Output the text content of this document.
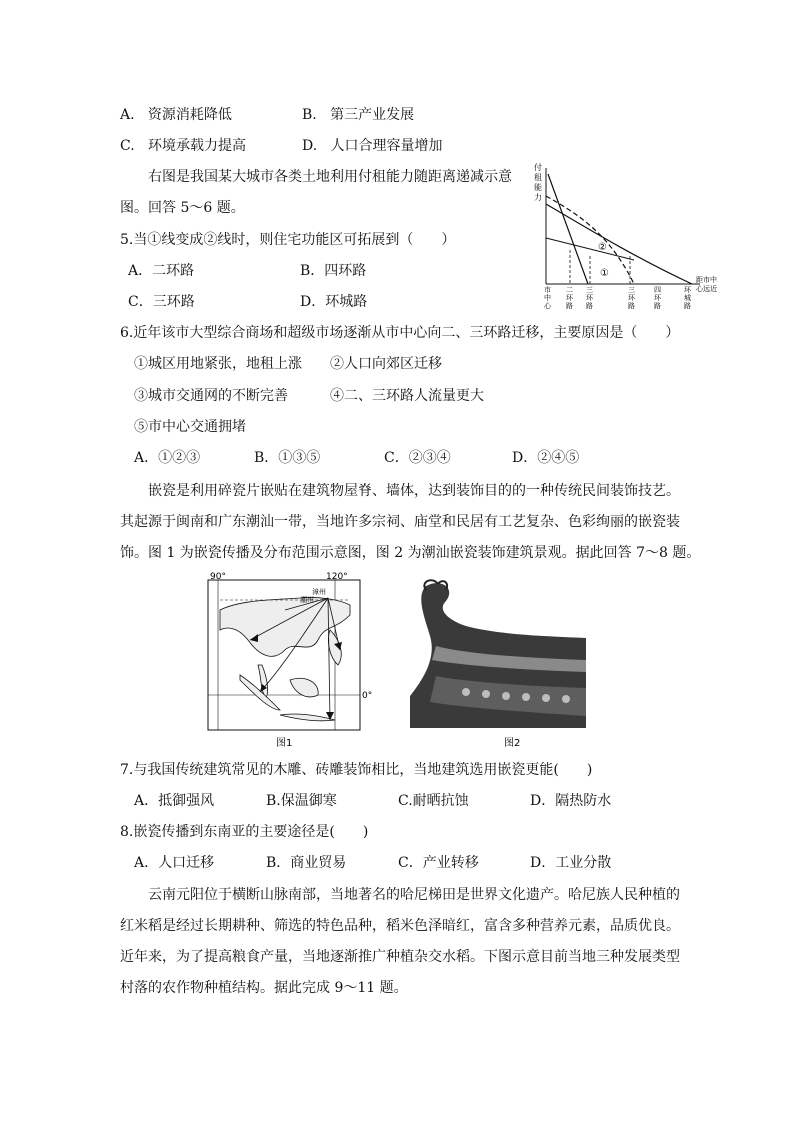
A. 资源消耗降低	B. 第三产业发展
C. 环境承载力提高	D. 人口合理容量增加
右图是我国某大城市各类土地利用付租能力随距离递减示意
图。回答 5～6 题。
5.当①线变成②线时，则住宅功能区可拓展到（　　）
A．二环路	B．四环路
C．三环路	D．环城路
付
租
能
力
②
①
市
中
心
二
环
路
三
环
路
三
环
路
四
环
路
环
城
路
距市中
心远近
6.近年该市大型综合商场和超级市场逐渐从市中心向二、三环路迁移，主要原因是（　　）
①城区用地紧张，地租上涨 ②人口向郊区迁移
③城市交通网的不断完善	④二、三环路人流量更大
⑤市中心交通拥堵
A．①②③	B．①③⑤	C．②③④	D．②④⑤
嵌瓷是利用碎瓷片嵌贴在建筑物屋脊、墙体，达到装饰目的的一种传统民间装饰技艺。
其起源于闽南和广东潮汕一带，当地许多宗祠、庙堂和民居有工艺复杂、色彩绚丽的嵌瓷装
饰。图 1 为嵌瓷传播及分布范围示意图，图 2 为潮汕嵌瓷装饰建筑景观。据此回答 7～8 题。
90°	120°
0°
漳州
潮州
图1	图2
7.与我国传统建筑常见的木雕、砖雕装饰相比，当地建筑选用嵌瓷更能(　　)
A．抵御强风	B.保温御寒	C.耐晒抗蚀	D．隔热防水
8.嵌瓷传播到东南亚的主要途径是(　　)
A．人口迁移	B．商业贸易	C．产业转移	D．工业分散
云南元阳位于横断山脉南部，当地著名的哈尼梯田是世界文化遗产。哈尼族人民种植的
红米稻是经过长期耕种、筛选的特色品种，稻米色泽暗红，富含多种营养元素，品质优良。
近年来，为了提高粮食产量，当地逐渐推广种植杂交水稻。下图示意目前当地三种发展类型
村落的农作物种植结构。据此完成 9～11 题。
